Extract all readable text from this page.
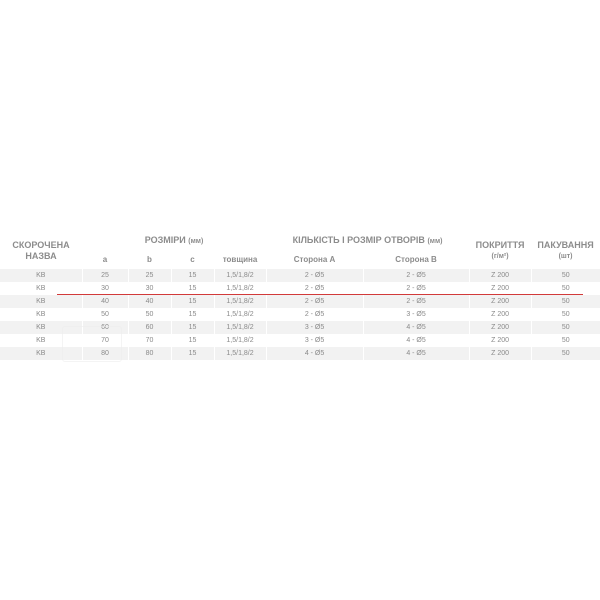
СКОРОЧЕНА
НАЗВА	РОЗМІРИ (мм)				КІЛЬКІСТЬ І РОЗМІР ОТВОРІВ (мм)		ПОКРИТТЯ
(г/м²)	ПАКУВАННЯ
(шт)

	a	b	c	товщина	Сторона А	Сторона В		
KB	25	25	15	1,5/1,8/2	2 - Ø5	2 - Ø5	Z 200	50
KB	30	30	15	1,5/1,8/2	2 - Ø5	2 - Ø5	Z 200	50
KB	40	40	15	1,5/1,8/2	2 - Ø5	2 - Ø5	Z 200	50
KB	50	50	15	1,5/1,8/2	2 - Ø5	3 - Ø5	Z 200	50
KB	60	60	15	1,5/1,8/2	3 - Ø5	4 - Ø5	Z 200	50
KB	70	70	15	1,5/1,8/2	3 - Ø5	4 - Ø5	Z 200	50
KB	80	80	15	1,5/1,8/2	4 - Ø5	4 - Ø5	Z 200	50
